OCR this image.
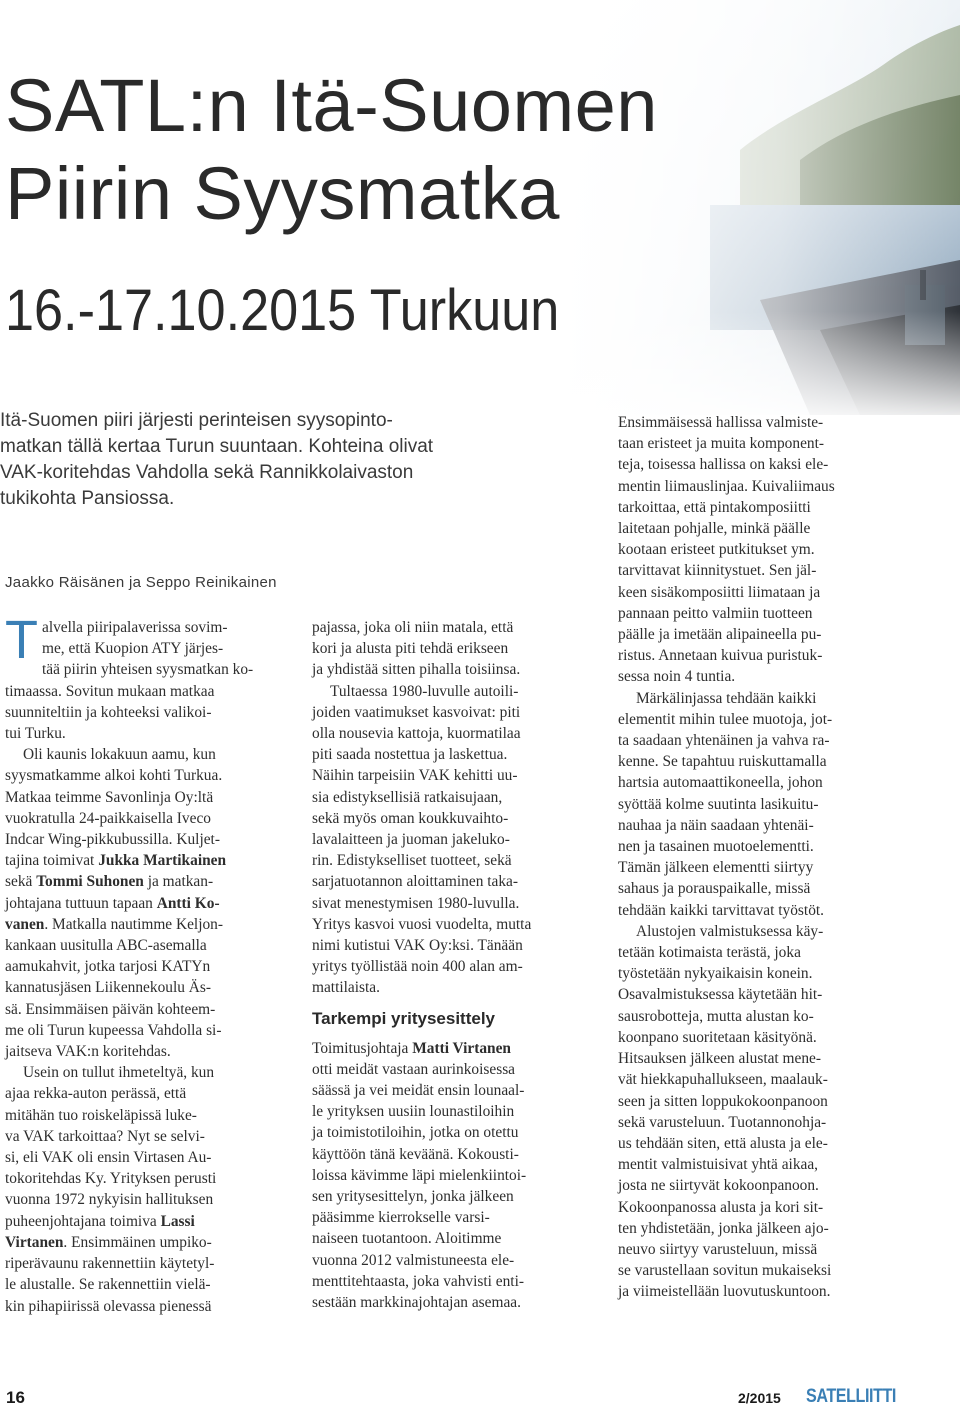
SATL:n Itä-Suomen
Piirin Syysmatka
16.-17.10.2015 Turkuun
Itä-Suomen piiri järjesti perinteisen syysopinto-
matkan tällä kertaa Turun suuntaan. Kohteina olivat
VAK-koritehdas Vahdolla sekä Rannikkolaivaston
tukikohta Pansiossa.
Jaakko Räisänen ja Seppo Reinikainen

T alvella piiripalaverissa sovim-
me, että Kuopion ATY järjes-
tää piirin yhteisen syysmatkan ko-
timaassa. Sovitun mukaan matkaa
suunniteltiin ja kohteeksi valikoi-
tui Turku.

Oli kaunis lokakuun aamu, kun
syysmatkamme alkoi kohti Turkua.
Matkaa teimme Savonlinja Oy:ltä
vuokratulla 24-paikkaisella Iveco
Indcar Wing-pikkubussilla. Kuljet-
tajina toimivat Jukka Martikainen
sekä Tommi Suhonen ja matkan-
johtajana tuttuun tapaan Antti Ko-
vanen. Matkalla nautimme Keljon-
kankaan uusitulla ABC-asemalla
aamukahvit, jotka tarjosi KATYn
kannatusjäsen Liikennekoulu Äs-
sä. Ensimmäisen päivän kohteem-
me oli Turun kupeessa Vahdolla si-
jaitseva VAK:n koritehdas.

Usein on tullut ihmeteltyä, kun
ajaa rekka-auton perässä, että
mitähän tuo roiskeläpissä luke-
va VAK tarkoittaa? Nyt se selvi-
si, eli VAK oli ensin Virtasen Au-
tokoritehdas Ky. Yrityksen perusti
vuonna 1972 nykyisin hallituksen
puheenjohtajana toimiva Lassi
Virtanen. Ensimmäinen umpiko-
riperävaunu rakennettiin käytetyl-
le alustalle. Se rakennettiin vielä-
kin pihapiirissä olevassa pienessä

pajassa, joka oli niin matala, että
kori ja alusta piti tehdä erikseen
ja yhdistää sitten pihalla toisiinsa.

Tultaessa 1980-luvulle autoili-
joiden vaatimukset kasvoivat: piti
olla nousevia kattoja, kuormatilaa
piti saada nostettua ja laskettua.
Näihin tarpeisiin VAK kehitti uu-
sia edistyksellisiä ratkaisujaan,
sekä myös oman koukkuvaihto-
lavalaitteen ja juoman jakeluko-
rin. Edistykselliset tuotteet, sekä
sarjatuotannon aloittaminen taka-
sivat menestymisen 1980-luvulla.
Yritys kasvoi vuosi vuodelta, mutta
nimi kutistui VAK Oy:ksi. Tänään
yritys työllistää noin 400 alan am-
mattilaista.

Tarkempi yritysesittely

Toimitusjohtaja Matti Virtanen
otti meidät vastaan aurinkoisessa
säässä ja vei meidät ensin lounaal-
le yrityksen uusiin lounastiloihin
ja toimistotiloihin, jotka on otettu
käyttöön tänä keväänä. Kokousti-
loissa kävimme läpi mielenkiintoi-
sen yritysesittelyn, jonka jälkeen
pääsimme kierrokselle varsi-
naiseen tuotantoon. Aloitimme
vuonna 2012 valmistuneesta ele-
menttitehtaasta, joka vahvisti enti-
sestään markkinajohtajan asemaa.

Ensimmäisessä hallissa valmiste-
taan eristeet ja muita komponent-
teja, toisessa hallissa on kaksi ele-
mentin liimauslinjaa. Kuivaliimaus
tarkoittaa, että pintakomposiitti
laitetaan pohjalle, minkä päälle
kootaan eristeet putkitukset ym.
tarvittavat kiinnitystuet. Sen jäl-
keen sisäkomposiitti liimataan ja
pannaan peitto valmiin tuotteen
päälle ja imetään alipaineella pu-
ristus. Annetaan kuivua puristuk-
sessa noin 4 tuntia.

Märkälinjassa tehdään kaikki
elementit mihin tulee muotoja, jot-
ta saadaan yhtenäinen ja vahva ra-
kenne. Se tapahtuu ruiskuttamalla
hartsia automaattikoneella, johon
syöttää kolme suutinta lasikuitu-
nauhaa ja näin saadaan yhtenäi-
nen ja tasainen muotoelementti.
Tämän jälkeen elementti siirtyy
sahaus ja porauspaikalle, missä
tehdään kaikki tarvittavat työstöt.

Alustojen valmistuksessa käy-
tetään kotimaista terästä, joka
työstetään nykyaikaisin konein.
Osavalmistuksessa käytetään hit-
sausrobotteja, mutta alustan ko-
koonpano suoritetaan käsityönä.
Hitsauksen jälkeen alustat mene-
vät hiekkapuhallukseen, maalauk-
seen ja sitten loppukokoonpanoon
sekä varusteluun. Tuotannonohja-
us tehdään siten, että alusta ja ele-
mentit valmistuisivat yhtä aikaa,
josta ne siirtyvät kokoonpanoon.
Kokoonpanossa alusta ja kori sit-
ten yhdistetään, jonka jälkeen ajo-
neuvo siirtyy varusteluun, missä
se varustellaan sovitun mukaiseksi
ja viimeistellään luovutuskuntoon.

16	2/2015 SATELLIITTI
